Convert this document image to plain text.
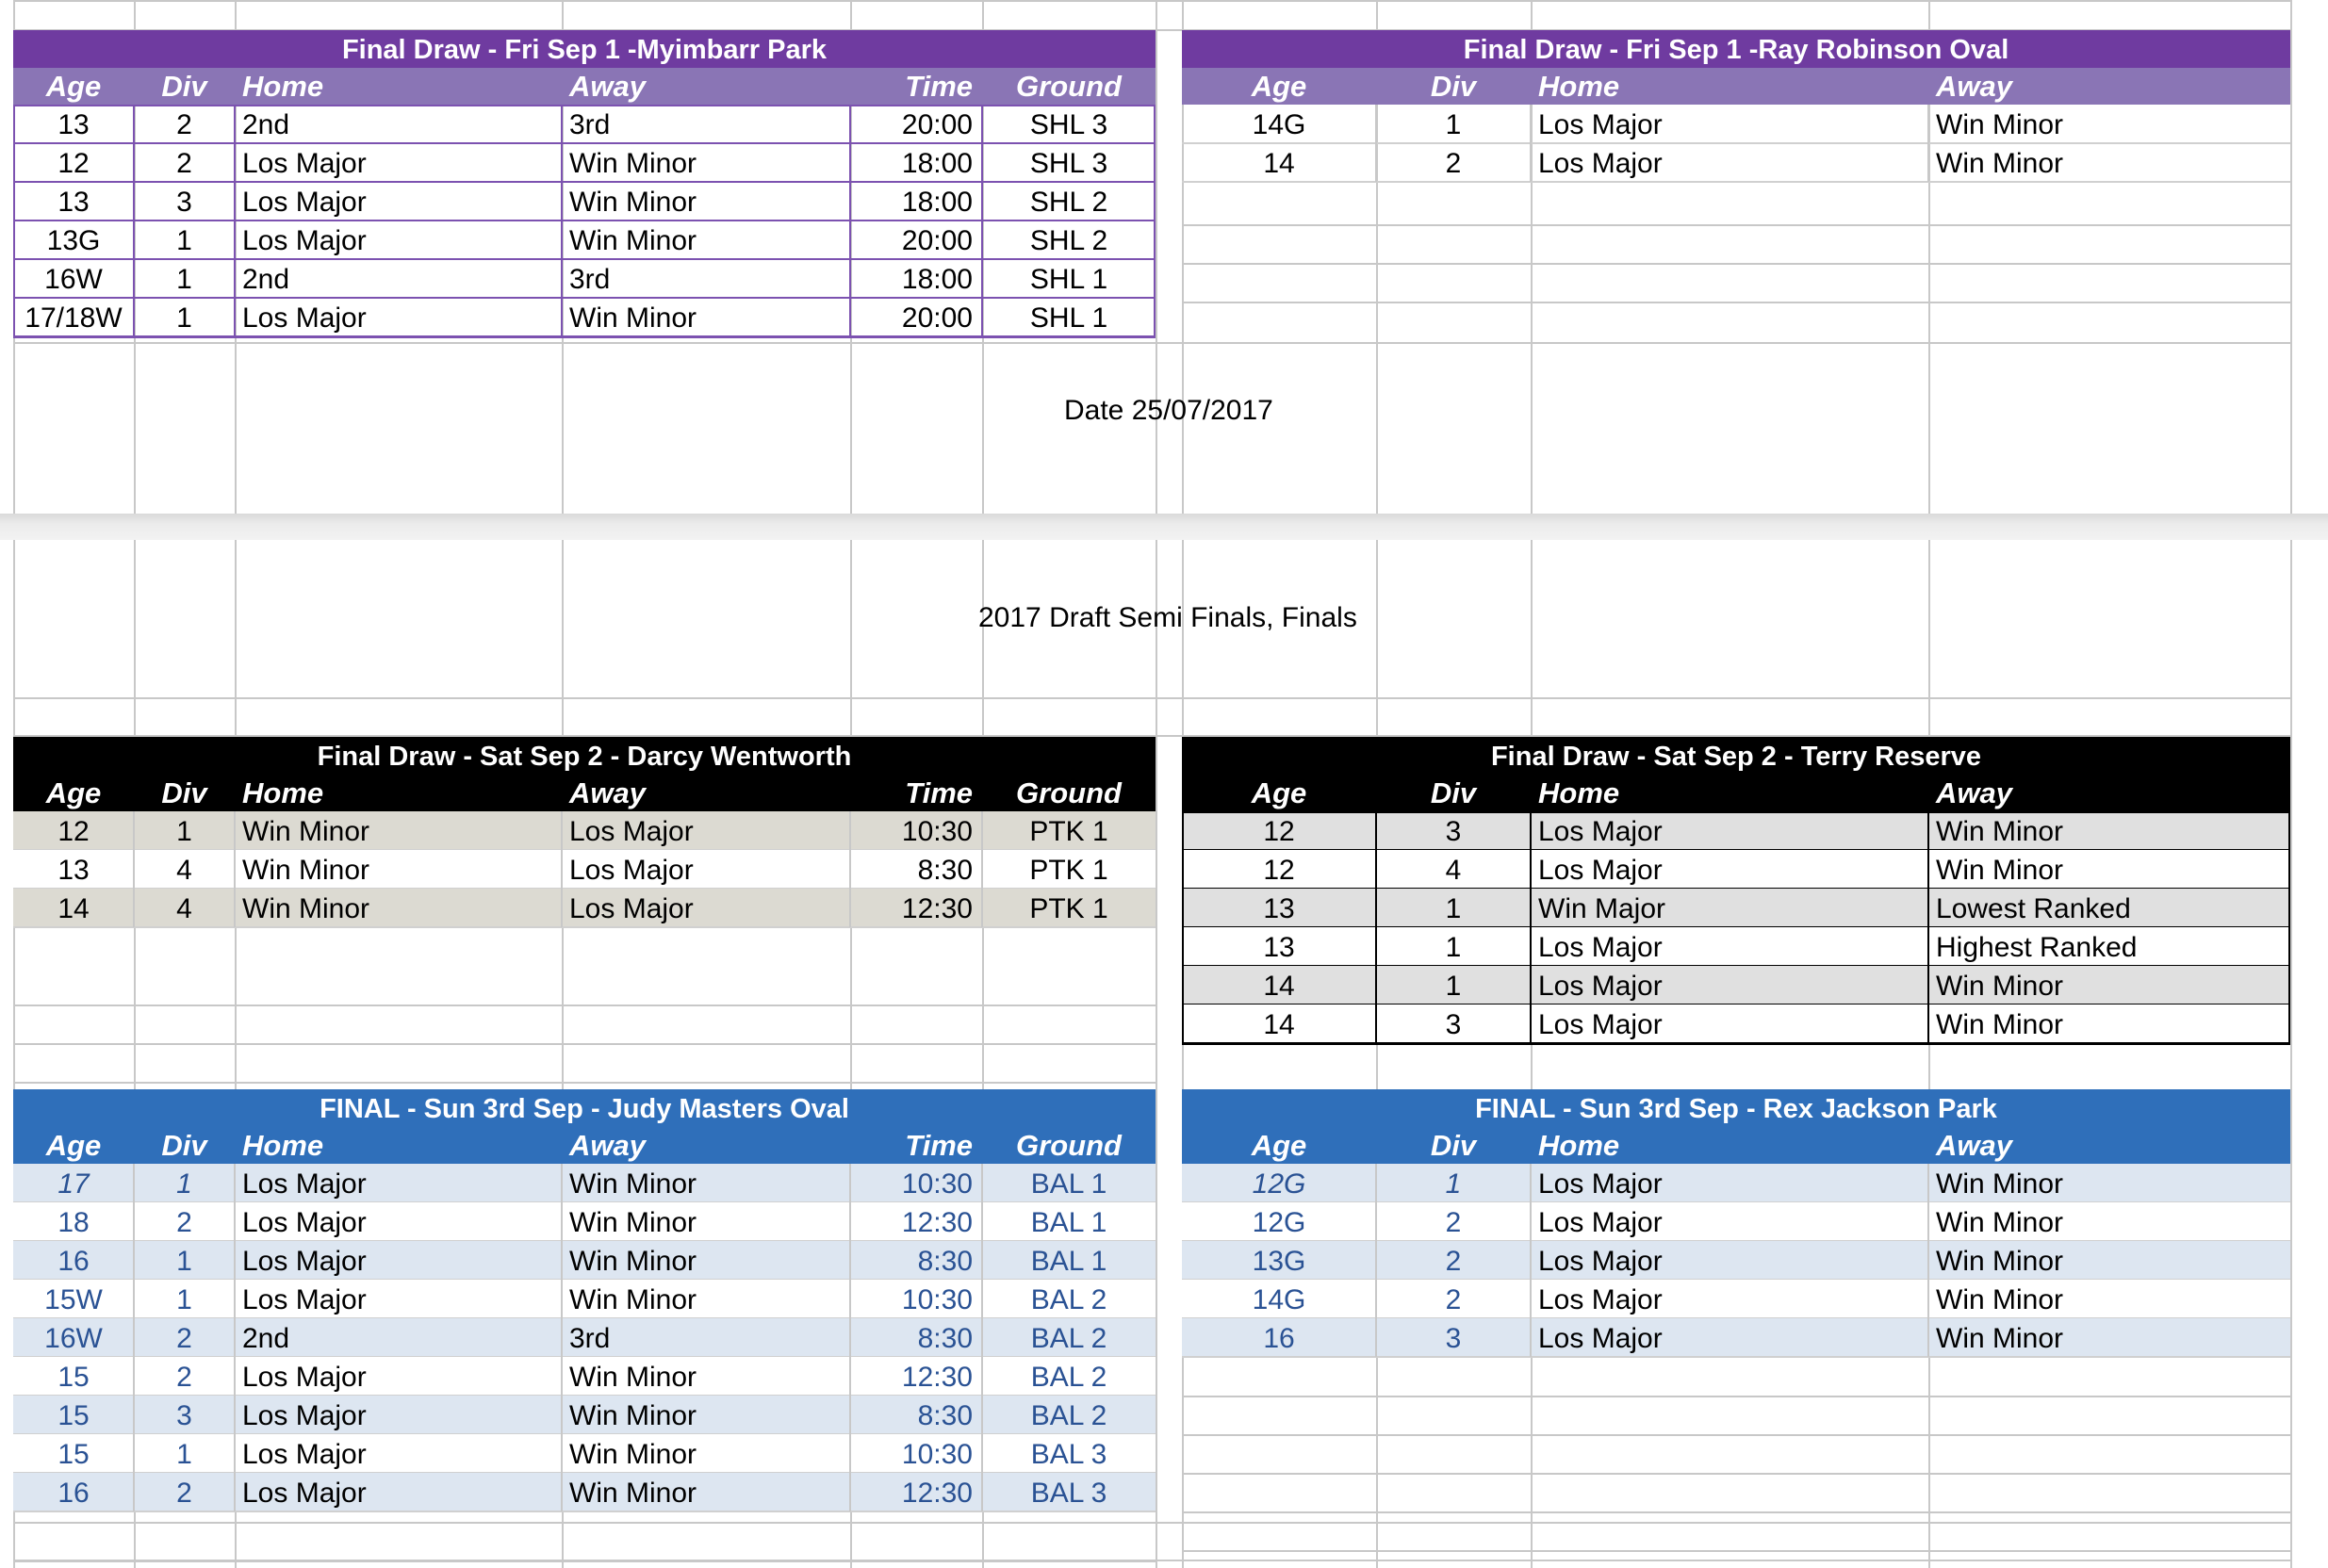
Date 25/07/2017
2017 Draft Semi Finals, Finals
Final Draw - Fri Sep 1 -Myimbarr Park
Age	Div	Home	Away	Time	Ground
13	2	2nd	3rd	20:00	SHL 3
12	2	Los Major	Win Minor	18:00	SHL 3
13	3	Los Major	Win Minor	18:00	SHL 2
13G	1	Los Major	Win Minor	20:00	SHL 2
16W	1	2nd	3rd	18:00	SHL 1
17/18W	1	Los Major	Win Minor	20:00	SHL 1
Final Draw - Fri Sep 1 -Ray Robinson Oval
Age	Div	Home	Away
14G	1	Los Major	Win Minor
14	2	Los Major	Win Minor
Final Draw - Sat Sep 2 - Darcy Wentworth
Age	Div	Home	Away	Time	Ground
12	1	Win Minor	Los Major	10:30	PTK 1
13	4	Win Minor	Los Major	8:30	PTK 1
14	4	Win Minor	Los Major	12:30	PTK 1
Final Draw - Sat Sep 2 - Terry Reserve
Age	Div	Home	Away
12	3	Los Major	Win Minor
12	4	Los Major	Win Minor
13	1	Win Major	Lowest Ranked
13	1	Los Major	Highest Ranked
14	1	Los Major	Win Minor
14	3	Los Major	Win Minor
FINAL - Sun 3rd Sep - Judy Masters Oval
Age	Div	Home	Away	Time	Ground
17	1	Los Major	Win Minor	10:30	BAL 1
18	2	Los Major	Win Minor	12:30	BAL 1
16	1	Los Major	Win Minor	8:30	BAL 1
15W	1	Los Major	Win Minor	10:30	BAL 2
16W	2	2nd	3rd	8:30	BAL 2
15	2	Los Major	Win Minor	12:30	BAL 2
15	3	Los Major	Win Minor	8:30	BAL 2
15	1	Los Major	Win Minor	10:30	BAL 3
16	2	Los Major	Win Minor	12:30	BAL 3
FINAL - Sun 3rd Sep - Rex Jackson Park
Age	Div	Home	Away
12G	1	Los Major	Win Minor
12G	2	Los Major	Win Minor
13G	2	Los Major	Win Minor
14G	2	Los Major	Win Minor
16	3	Los Major	Win Minor
